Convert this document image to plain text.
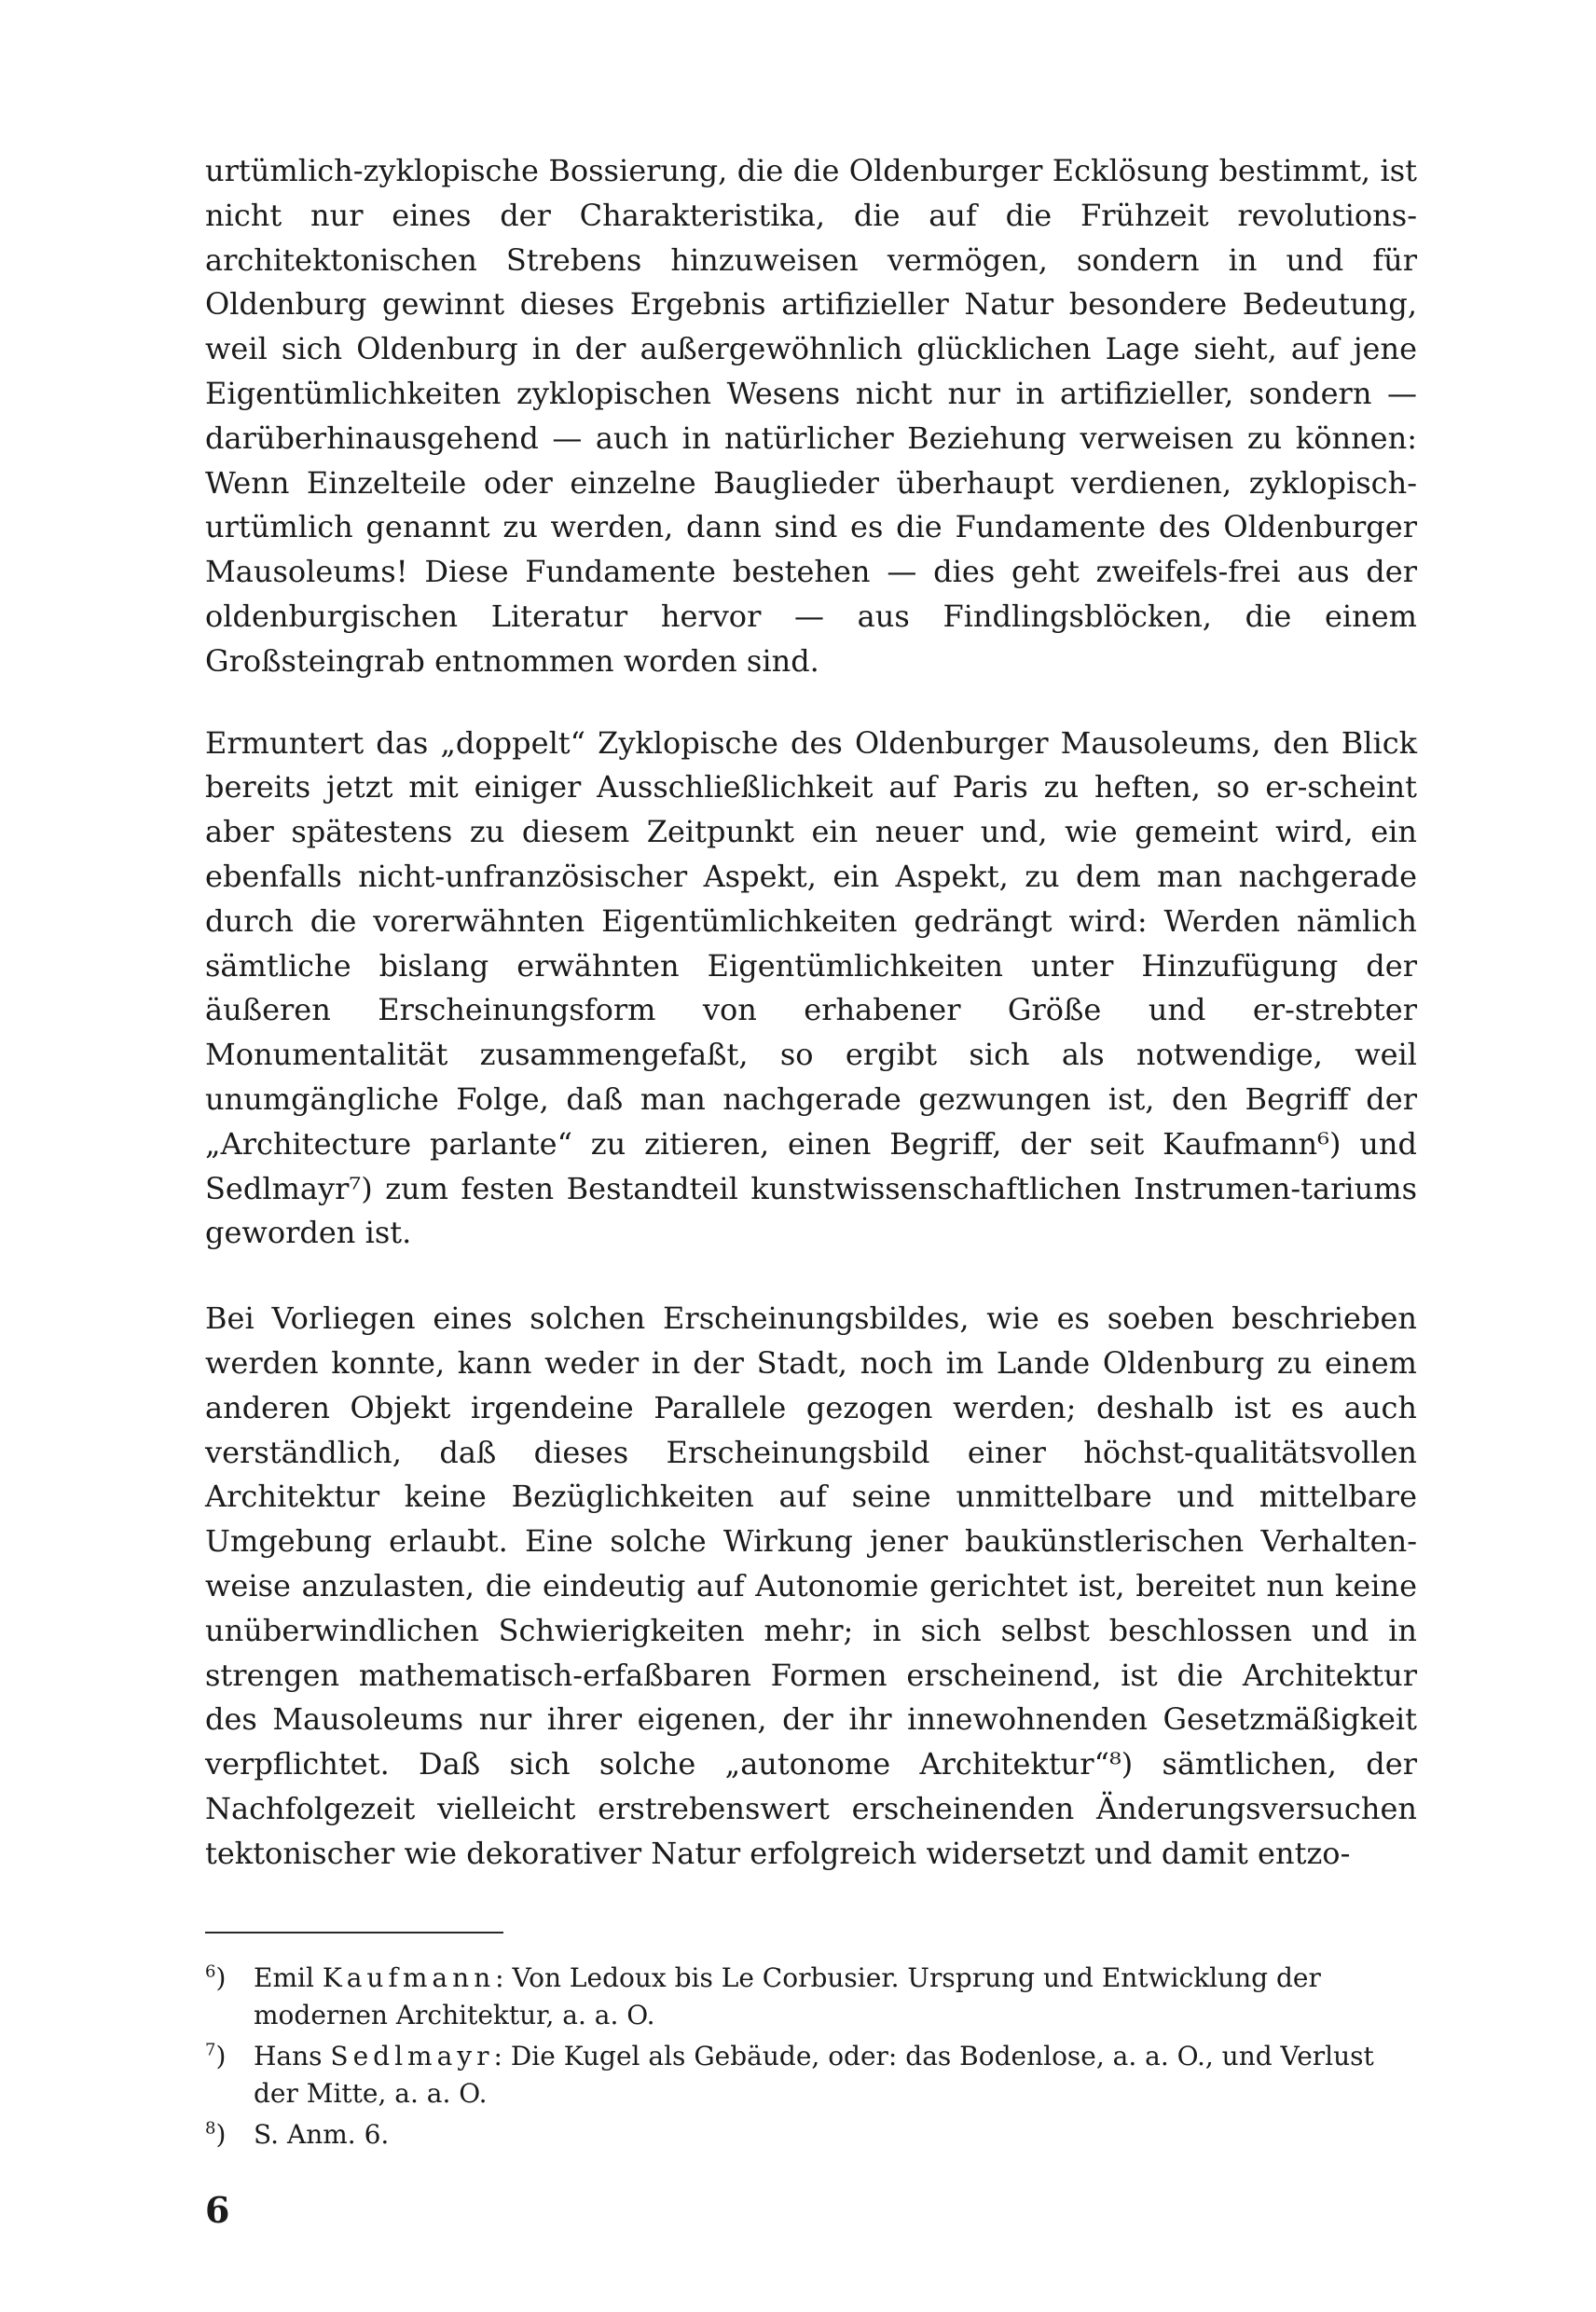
urtümlich-zyklopische Bossierung, die die Oldenburger Ecklösung bestimmt, ist nicht nur eines der Charakteristika, die auf die Frühzeit revolutions-architektonischen Strebens hinzuweisen vermögen, sondern in und für Oldenburg gewinnt dieses Ergebnis artifizieller Natur besondere Bedeutung, weil sich Oldenburg in der außergewöhnlich glücklichen Lage sieht, auf jene Eigentümlichkeiten zyklopischen Wesens nicht nur in artifizieller, sondern — darüberhinausgehend — auch in natürlicher Beziehung verweisen zu können: Wenn Einzelteile oder einzelne Bauglieder überhaupt verdienen, zyklopisch-urtümlich genannt zu werden, dann sind es die Fundamente des Oldenburger Mausoleums! Diese Fundamente bestehen — dies geht zweifels-frei aus der oldenburgischen Literatur hervor — aus Findlingsblöcken, die einem Großsteingrab entnommen worden sind.

Ermuntert das „doppelt“ Zyklopische des Oldenburger Mausoleums, den Blick bereits jetzt mit einiger Ausschließlichkeit auf Paris zu heften, so er-scheint aber spätestens zu diesem Zeitpunkt ein neuer und, wie gemeint wird, ein ebenfalls nicht-unfranzösischer Aspekt, ein Aspekt, zu dem man nachgerade durch die vorerwähnten Eigentümlichkeiten gedrängt wird: Werden nämlich sämtliche bislang erwähnten Eigentümlichkeiten unter Hinzufügung der äußeren Erscheinungsform von erhabener Größe und er-strebter Monumentalität zusammengefaßt, so ergibt sich als notwendige, weil unumgängliche Folge, daß man nachgerade gezwungen ist, den Begriff der „Architecture parlante“ zu zitieren, einen Begriff, der seit Kaufmann⁶) und Sedlmayr⁷) zum festen Bestandteil kunstwissenschaftlichen Instrumen-tariums geworden ist.

Bei Vorliegen eines solchen Erscheinungsbildes, wie es soeben beschrieben werden konnte, kann weder in der Stadt, noch im Lande Oldenburg zu einem anderen Objekt irgendeine Parallele gezogen werden; deshalb ist es auch verständlich, daß dieses Erscheinungsbild einer höchst-qualitätsvollen Architektur keine Bezüglichkeiten auf seine unmittelbare und mittelbare Umgebung erlaubt. Eine solche Wirkung jener baukünstlerischen Verhalten-weise anzulasten, die eindeutig auf Autonomie gerichtet ist, bereitet nun keine unüberwindlichen Schwierigkeiten mehr; in sich selbst beschlossen und in strengen mathematisch-erfaßbaren Formen erscheinend, ist die Architektur des Mausoleums nur ihrer eigenen, der ihr innewohnenden Gesetzmäßigkeit verpflichtet. Daß sich solche „autonome Architektur“⁸) sämtlichen, der Nachfolgezeit vielleicht erstrebenswert erscheinenden Änderungsversuchen tektonischer wie dekorativer Natur erfolgreich widersetzt und damit entzo-

$^6$)	Emil Kaufmann: Von Ledoux bis Le Corbusier. Ursprung und Entwicklung der modernen Architektur, a. a. O.
$^7$)	Hans Sedlmayr: Die Kugel als Gebäude, oder: das Bodenlose, a. a. O., und Verlust der Mitte, a. a. O.
$^8$)	S. Anm. 6.
6
